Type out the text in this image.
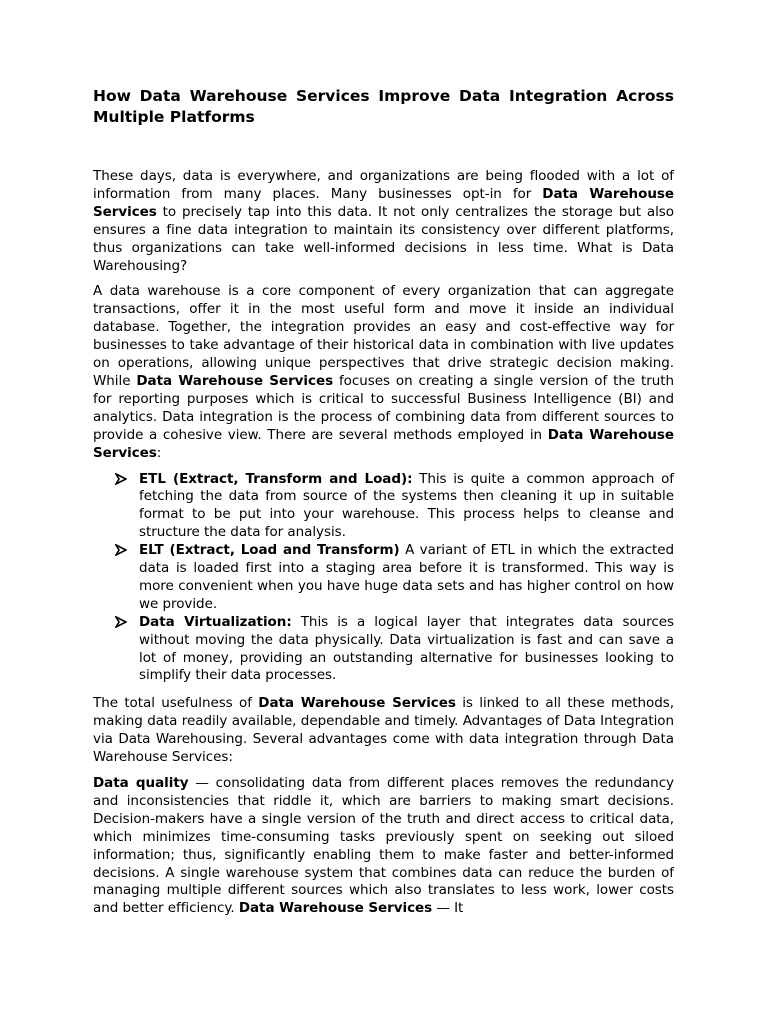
How Data Warehouse Services Improve Data Integration Across Multiple Platforms

These days, data is everywhere, and organizations are being flooded with a lot of information from many places. Many businesses opt-in for Data Warehouse Services to precisely tap into this data. It not only centralizes the storage but also ensures a fine data integration to maintain its consistency over different platforms, thus organizations can take well-informed decisions in less time. What is Data Warehousing?

A data warehouse is a core component of every organization that can aggregate transactions, offer it in the most useful form and move it inside an individual database. Together, the integration provides an easy and cost-effective way for businesses to take advantage of their historical data in combination with live updates on operations, allowing unique perspectives that drive strategic decision making. While Data Warehouse Services focuses on creating a single version of the truth for reporting purposes which is critical to successful Business Intelligence (BI) and analytics. Data integration is the process of combining data from different sources to provide a cohesive view. There are several methods employed in Data Warehouse Services:

ETL (Extract, Transform and Load): This is quite a common approach of fetching the data from source of the systems then cleaning it up in suitable format to be put into your warehouse. This process helps to cleanse and structure the data for analysis.
ELT (Extract, Load and Transform) A variant of ETL in which the extracted data is loaded first into a staging area before it is transformed. This way is more convenient when you have huge data sets and has higher control on how we provide.
Data Virtualization: This is a logical layer that integrates data sources without moving the data physically. Data virtualization is fast and can save a lot of money, providing an outstanding alternative for businesses looking to simplify their data processes.

The total usefulness of Data Warehouse Services is linked to all these methods, making data readily available, dependable and timely. Advantages of Data Integration via Data Warehousing. Several advantages come with data integration through Data Warehouse Services:

Data quality — consolidating data from different places removes the redundancy and inconsistencies that riddle it, which are barriers to making smart decisions. Decision-makers have a single version of the truth and direct access to critical data, which minimizes time-consuming tasks previously spent on seeking out siloed information; thus, significantly enabling them to make faster and better-informed decisions. A single warehouse system that combines data can reduce the burden of managing multiple different sources which also translates to less work, lower costs and better efficiency. Data Warehouse Services — It
